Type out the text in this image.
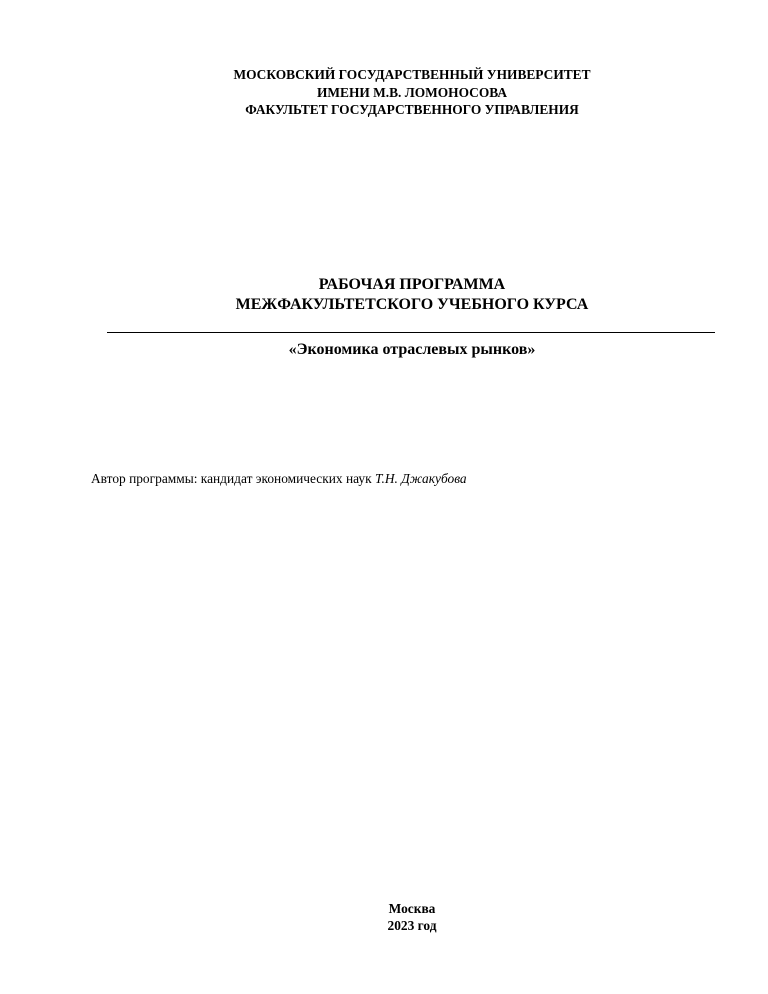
МОСКОВСКИЙ ГОСУДАРСТВЕННЫЙ УНИВЕРСИТЕТ
ИМЕНИ М.В. ЛОМОНОСОВА
ФАКУЛЬТЕТ ГОСУДАРСТВЕННОГО УПРАВЛЕНИЯ
РАБОЧАЯ ПРОГРАММА
МЕЖФАКУЛЬТЕТСКОГО УЧЕБНОГО КУРСА
«Экономика отраслевых рынков»
Автор программы: кандидат экономических наук Т.Н. Джакубова
Москва
2023 год
